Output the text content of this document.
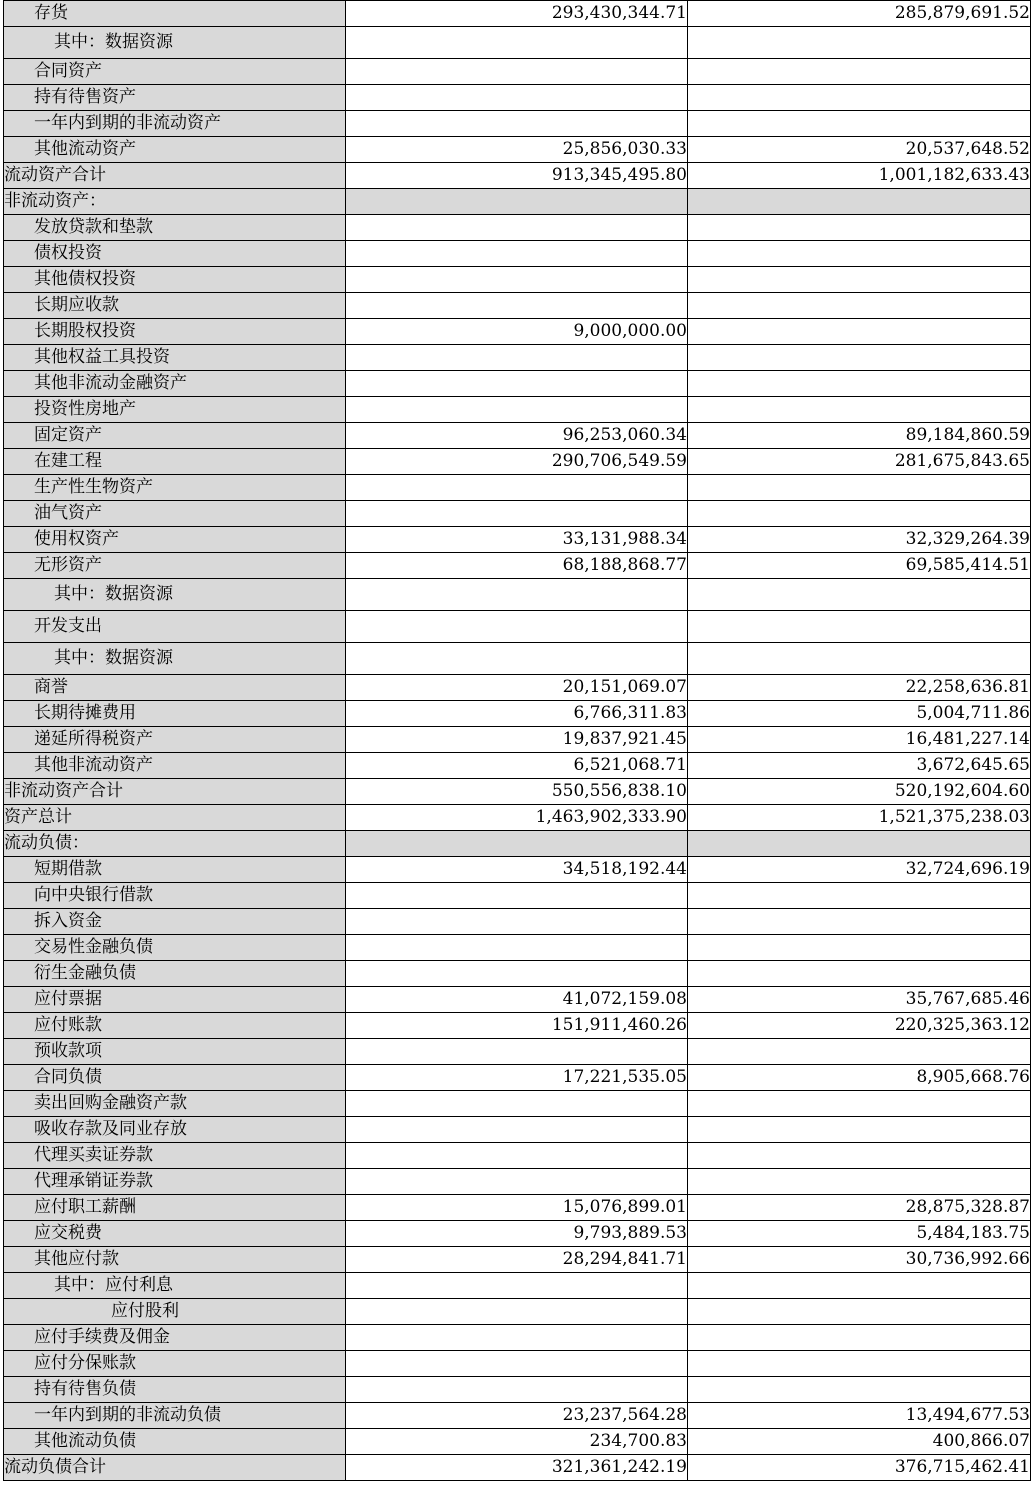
存货	293,430,344.71	285,879,691.52
其中：数据资源		
合同资产		
持有待售资产		
一年内到期的非流动资产		
其他流动资产	25,856,030.33	20,537,648.52
流动资产合计	913,345,495.80	1,001,182,633.43
非流动资产：		
发放贷款和垫款		
债权投资		
其他债权投资		
长期应收款		
长期股权投资	9,000,000.00	
其他权益工具投资		
其他非流动金融资产		
投资性房地产		
固定资产	96,253,060.34	89,184,860.59
在建工程	290,706,549.59	281,675,843.65
生产性生物资产		
油气资产		
使用权资产	33,131,988.34	32,329,264.39
无形资产	68,188,868.77	69,585,414.51
其中：数据资源		
开发支出		
其中：数据资源		
商誉	20,151,069.07	22,258,636.81
长期待摊费用	6,766,311.83	5,004,711.86
递延所得税资产	19,837,921.45	16,481,227.14
其他非流动资产	6,521,068.71	3,672,645.65
非流动资产合计	550,556,838.10	520,192,604.60
资产总计	1,463,902,333.90	1,521,375,238.03
流动负债：		
短期借款	34,518,192.44	32,724,696.19
向中央银行借款		
拆入资金		
交易性金融负债		
衍生金融负债		
应付票据	41,072,159.08	35,767,685.46
应付账款	151,911,460.26	220,325,363.12
预收款项		
合同负债	17,221,535.05	8,905,668.76
卖出回购金融资产款		
吸收存款及同业存放		
代理买卖证券款		
代理承销证券款		
应付职工薪酬	15,076,899.01	28,875,328.87
应交税费	9,793,889.53	5,484,183.75
其他应付款	28,294,841.71	30,736,992.66
其中：应付利息		
应付股利		
应付手续费及佣金		
应付分保账款		
持有待售负债		
一年内到期的非流动负债	23,237,564.28	13,494,677.53
其他流动负债	234,700.83	400,866.07
流动负债合计	321,361,242.19	376,715,462.41
